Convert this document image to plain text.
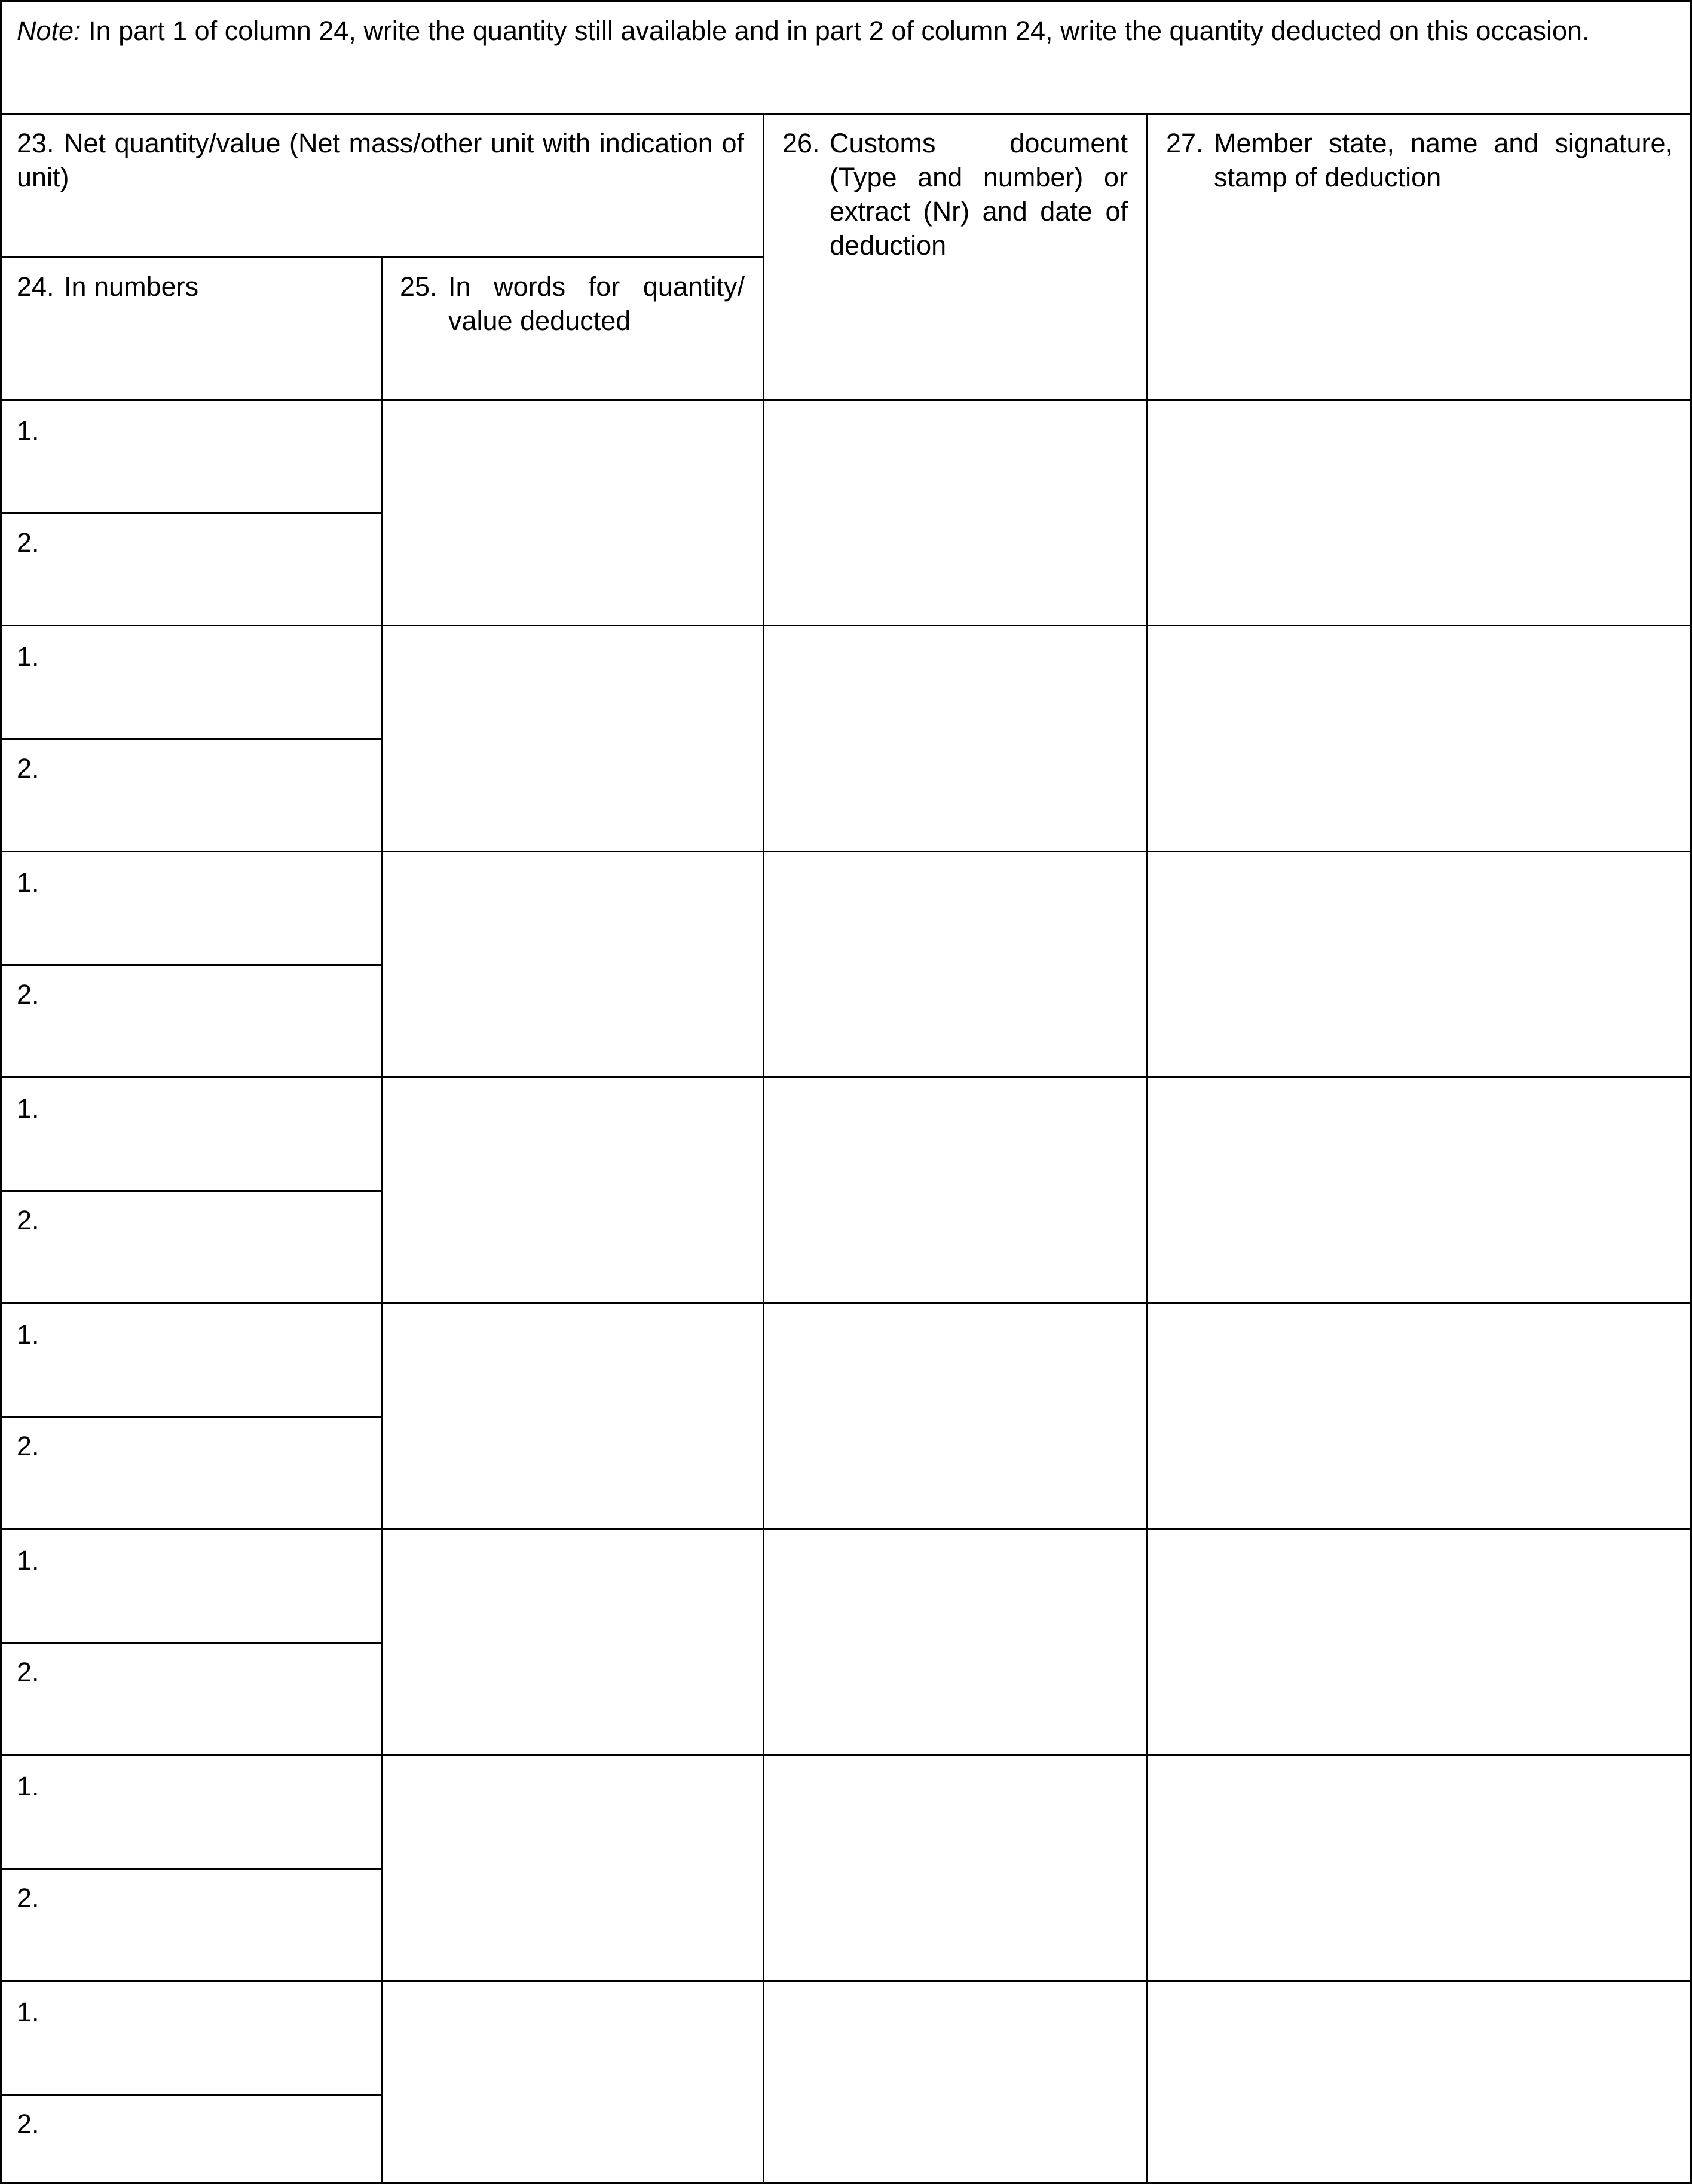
Note: In part 1 of column 24, write the quantity still available and in part 2 of column 24, write the quantity deducted on this occasion.
23. Net quantity/value (Net mass/other unit with indication of unit)
24. In numbers	25. In words for quantity/ value deducted
26. Customs document (Type and number) or extract (Nr) and date of deduction
27. Member state, name and signature, stamp of deduction
1.
2.
1.
2.
1.
2.
1.
2.
1.
2.
1.
2.
1.
2.
1.
2.
